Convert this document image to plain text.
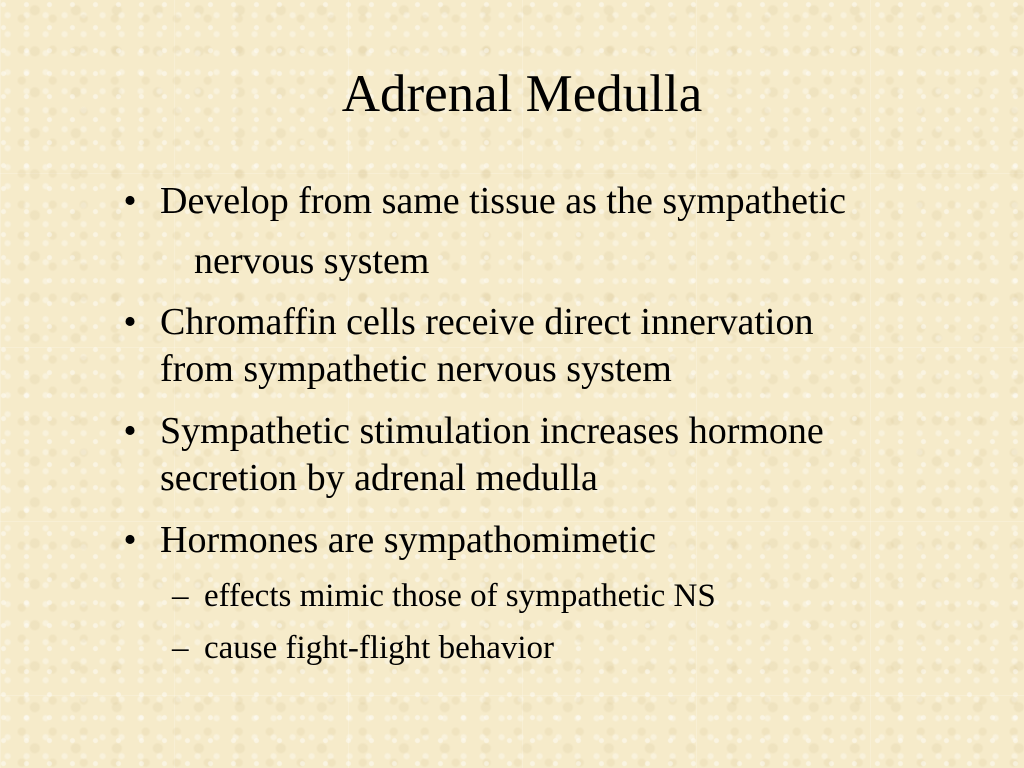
Adrenal Medulla
• Develop from same tissue as the sympathetic
nervous system
• Chromaffin cells receive direct innervation
from sympathetic nervous system
• Sympathetic stimulation increases hormone
secretion by adrenal medulla
• Hormones are sympathomimetic
– effects mimic those of sympathetic NS
– cause fight-flight behavior
